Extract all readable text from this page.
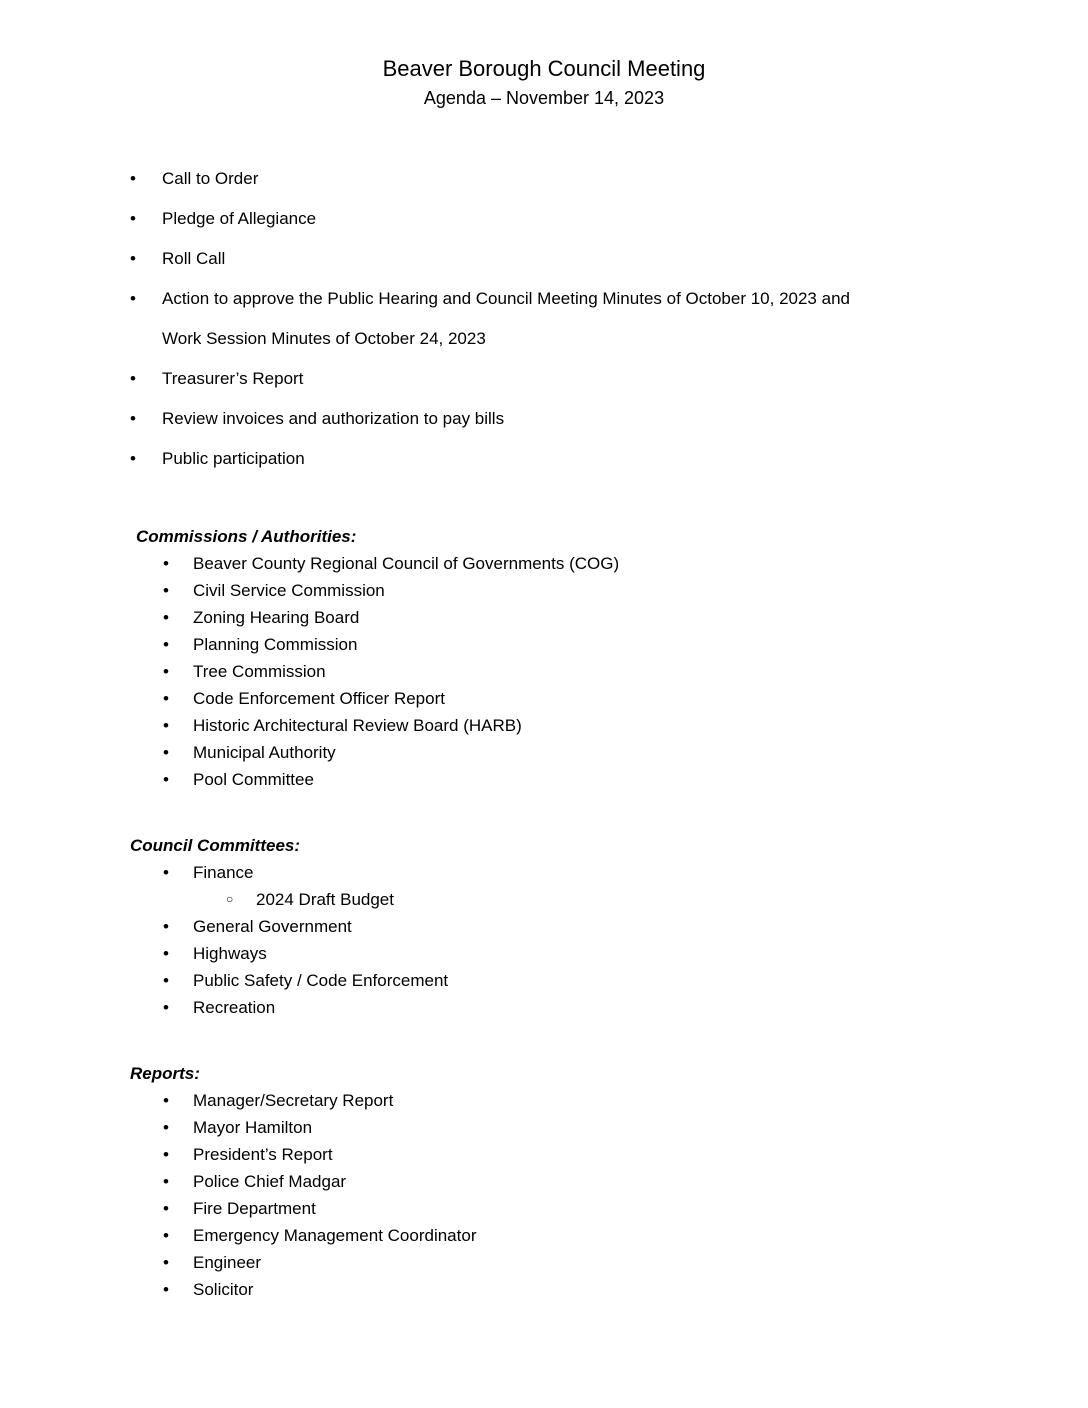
Beaver Borough Council Meeting
Agenda – November 14, 2023
• Call to Order
• Pledge of Allegiance
• Roll Call
• Action to approve the Public Hearing and Council Meeting Minutes of October 10, 2023 and
Work Session Minutes of October 24, 2023
• Treasurer’s Report
• Review invoices and authorization to pay bills
• Public participation
Commissions / Authorities:
• Beaver County Regional Council of Governments (COG)
• Civil Service Commission
• Zoning Hearing Board
• Planning Commission
• Tree Commission
• Code Enforcement Officer Report
• Historic Architectural Review Board (HARB)
• Municipal Authority
• Pool Committee
Council Committees:
• Finance
○ 2024 Draft Budget
• General Government
• Highways
• Public Safety / Code Enforcement
• Recreation
Reports:
• Manager/Secretary Report
• Mayor Hamilton
• President’s Report
• Police Chief Madgar
• Fire Department
• Emergency Management Coordinator
• Engineer
• Solicitor
